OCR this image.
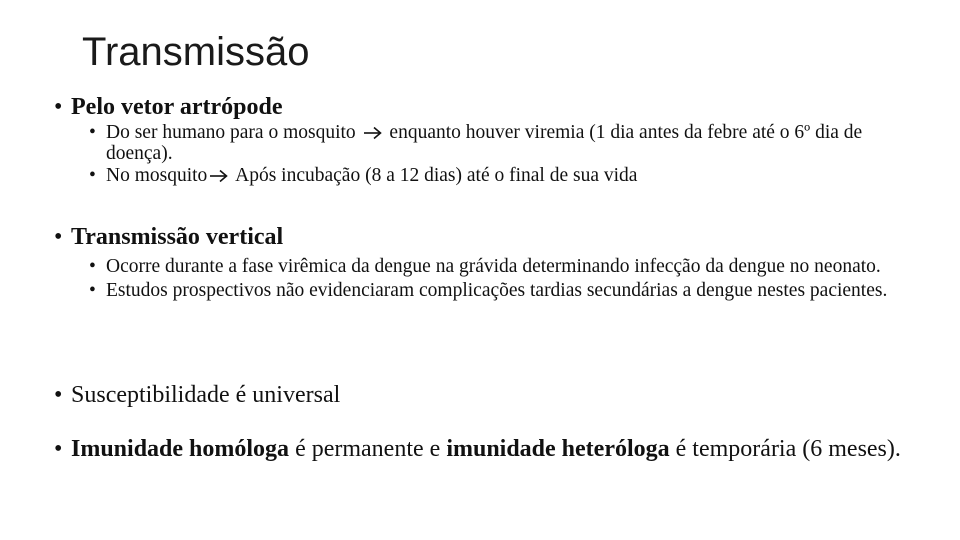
Transmissão
• Pelo vetor artrópode
• Do ser humano para o mosquito enquanto houver viremia (1 dia antes da febre até o 6º dia de doença).
• No mosquito Após incubação (8 a 12 dias) até o final de sua vida
• Transmissão vertical
• Ocorre durante a fase virêmica da dengue na grávida determinando infecção da dengue no neonato.
• Estudos prospectivos não evidenciaram complicações tardias secundárias a dengue nestes pacientes.
• Susceptibilidade é universal
• Imunidade homóloga é permanente e imunidade heteróloga é temporária (6 meses).
